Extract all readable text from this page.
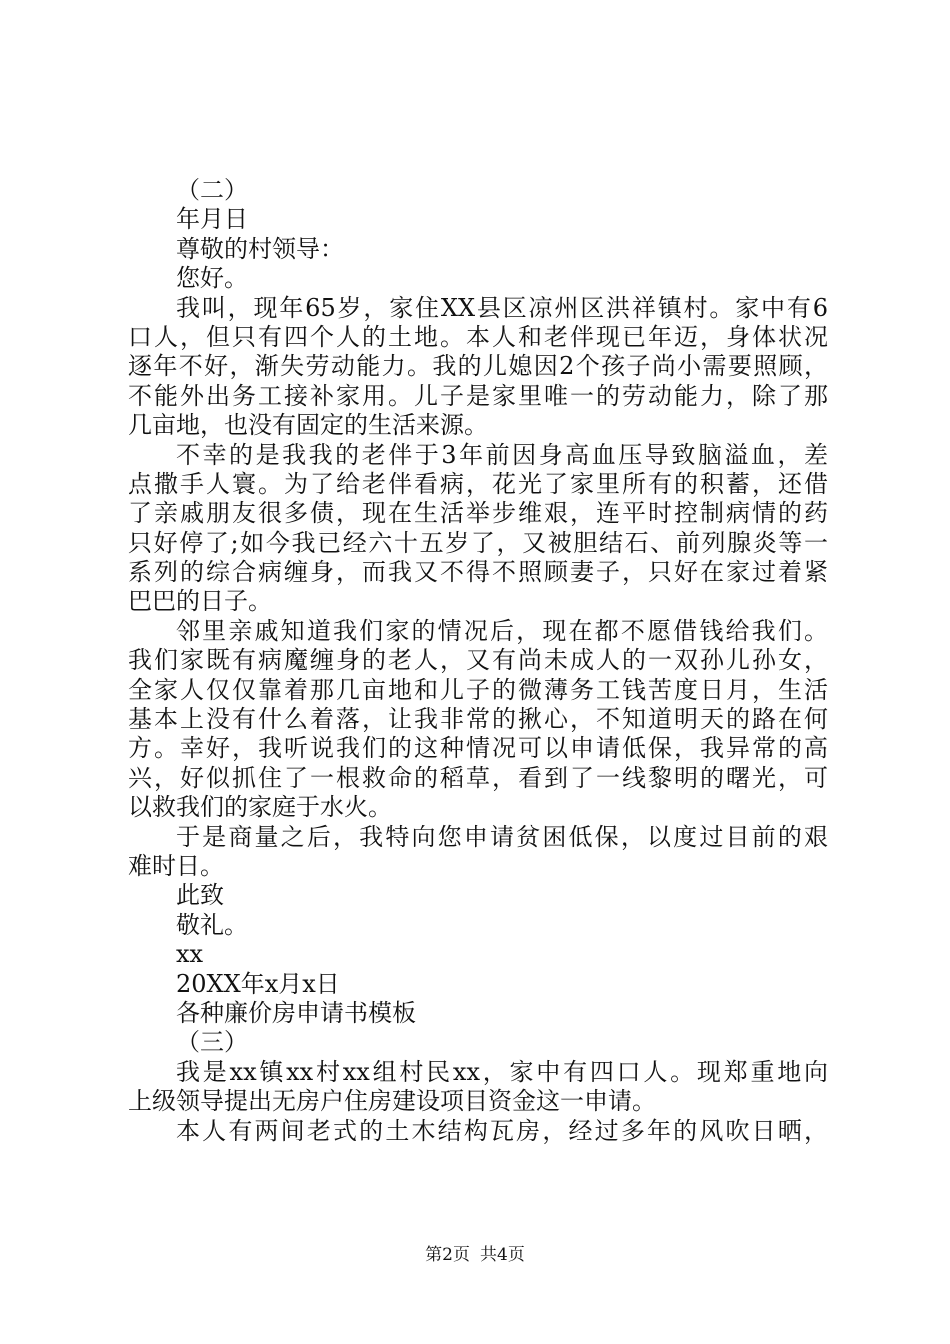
（二）
年月日
尊敬的村领导：
您好。
我叫，现年65岁，家住XX县区凉州区洪祥镇村。家中有6
口人，但只有四个人的土地。本人和老伴现已年迈，身体状况
逐年不好，渐失劳动能力。我的儿媳因2个孩子尚小需要照顾，
不能外出务工接补家用。儿子是家里唯一的劳动能力，除了那
几亩地，也没有固定的生活来源。
不幸的是我我的老伴于3年前因身高血压导致脑溢血，差
点撒手人寰。为了给老伴看病，花光了家里所有的积蓄，还借
了亲戚朋友很多债，现在生活举步维艰，连平时控制病情的药
只好停了;如今我已经六十五岁了，又被胆结石、前列腺炎等一
系列的综合病缠身，而我又不得不照顾妻子，只好在家过着紧
巴巴的日子。
邻里亲戚知道我们家的情况后，现在都不愿借钱给我们。
我们家既有病魔缠身的老人，又有尚未成人的一双孙儿孙女，
全家人仅仅靠着那几亩地和儿子的微薄务工钱苦度日月，生活
基本上没有什么着落，让我非常的揪心，不知道明天的路在何
方。幸好，我听说我们的这种情况可以申请低保，我异常的高
兴，好似抓住了一根救命的稻草，看到了一线黎明的曙光，可
以救我们的家庭于水火。
于是商量之后，我特向您申请贫困低保，以度过目前的艰
难时日。
此致
敬礼。
xx
20XX年x月x日
各种廉价房申请书模板
（三）
我是xx镇xx村xx组村民xx，家中有四口人。现郑重地向
上级领导提出无房户住房建设项目资金这一申请。
本人有两间老式的土木结构瓦房，经过多年的风吹日晒，
第2页 共4页
